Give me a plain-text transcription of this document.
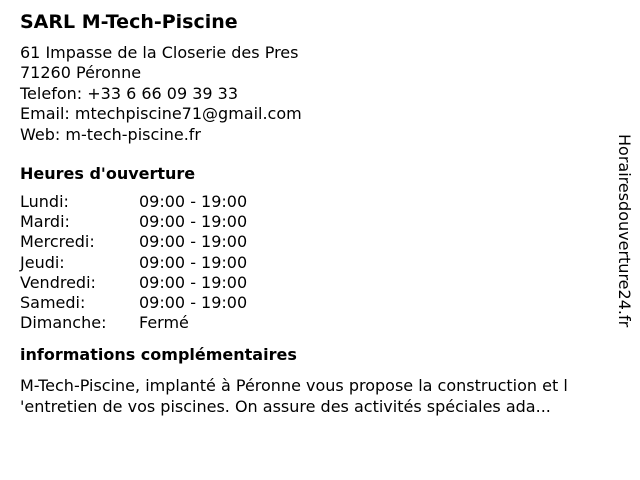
SARL M-Tech-Piscine
61 Impasse de la Closerie des Pres
71260 Péronne
Telefon: +33 6 66 09 39 33
Email: mtechpiscine71@gmail.com
Web: m-tech-piscine.fr
Heures d'ouverture
Lundi:	09:00 - 19:00
Mardi:	09:00 - 19:00
Mercredi:	09:00 - 19:00
Jeudi:	09:00 - 19:00
Vendredi:	09:00 - 19:00
Samedi:	09:00 - 19:00
Dimanche:	Fermé
informations complémentaires
M-Tech-Piscine, implanté à Péronne vous propose la construction et l 'entretien de vos piscines. On assure des activités spéciales ada...
Horairesdouverture24.fr
